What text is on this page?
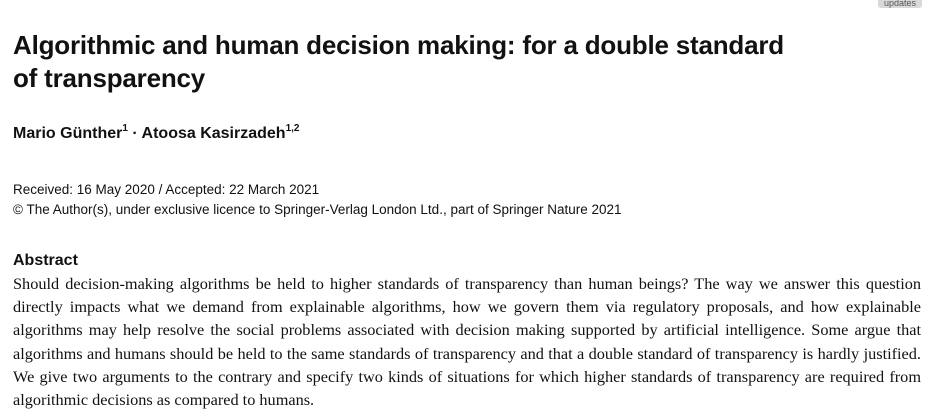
updates
Algorithmic and human decision making: for a double standard of transparency
Mario Günther$^1$ · Atoosa Kasirzadeh$^{1,2}$
Received: 16 May 2020 / Accepted: 22 March 2021
© The Author(s), under exclusive licence to Springer-Verlag London Ltd., part of Springer Nature 2021
Abstract

Should decision-making algorithms be held to higher standards of transparency than human beings? The way we answer this question directly impacts what we demand from explainable algorithms, how we govern them via regulatory proposals, and how explainable algorithms may help resolve the social problems associated with decision making supported by artificial intelligence. Some argue that algorithms and humans should be held to the same standards of transparency and that a double standard of transparency is hardly justified. We give two arguments to the contrary and specify two kinds of situations for which higher standards of transparency are required from algorithmic decisions as compared to humans.
